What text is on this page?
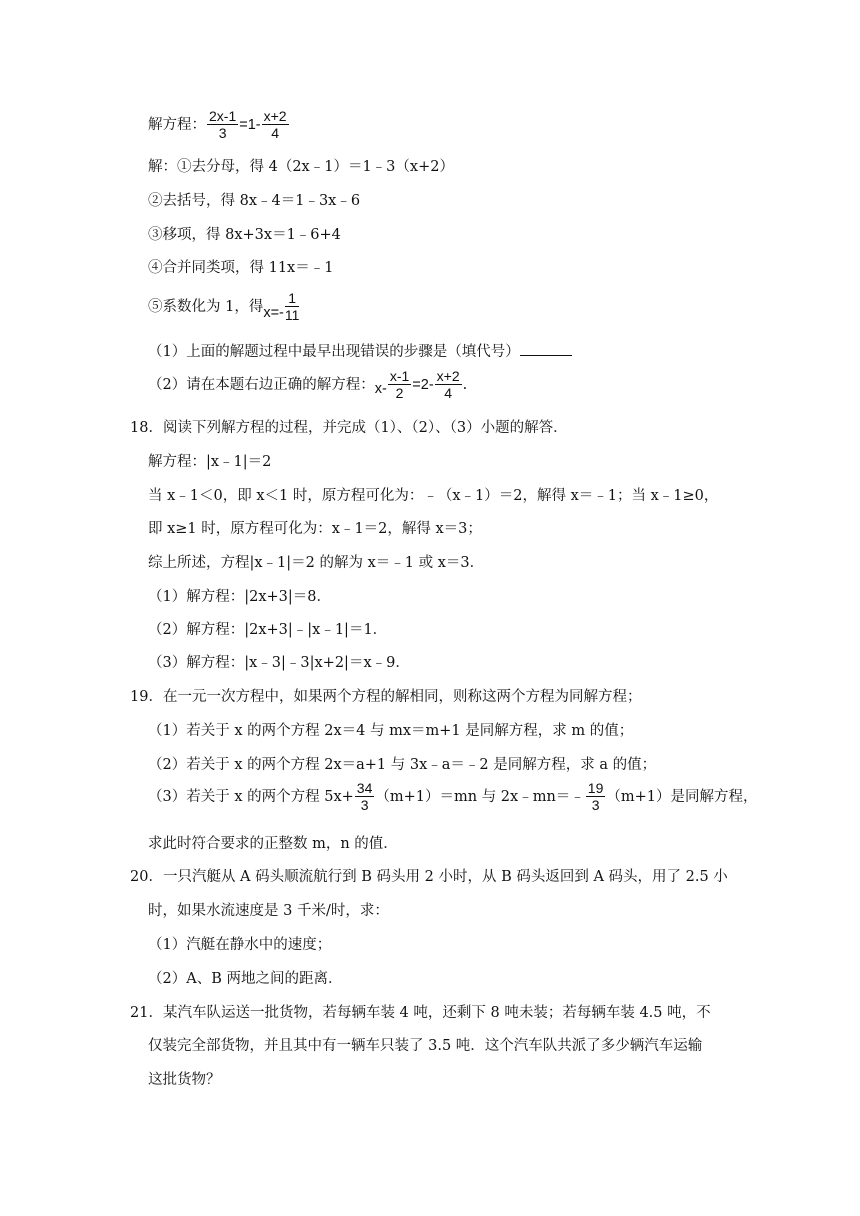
解方程： $\frac{2x-1}{3} =1- \frac{x+2}{4}$
解：①去分母，得 4（2x﹣1）＝1﹣3（x+2）
②去括号，得 8x﹣4＝1﹣3x﹣6
③移项，得 8x+3x＝1﹣6+4
④合并同类项，得 11x＝﹣1
⑤系数化为 1，得$x=- \frac{1}{11}$
（1）上面的解题过程中最早出现错误的步骤是（填代号）
（2）请在本题右边正确的解方程：$x- \frac{x-1}{2} =2- \frac{x+2}{4}$ .
18．阅读下列解方程的过程，并完成（1）、（2）、（3）小题的解答．
解方程：|x﹣1|＝2
当 x﹣1＜0，即 x＜1 时，原方程可化为：﹣（x﹣1）＝2，解得 x＝﹣1；当 x﹣1≥0，
即 x≥1 时，原方程可化为：x﹣1＝2，解得 x＝3；
综上所述，方程|x﹣1|＝2 的解为 x＝﹣1 或 x＝3．
（1）解方程：|2x+3|＝8．
（2）解方程：|2x+3|﹣|x﹣1|＝1．
（3）解方程：|x﹣3|﹣3|x+2|＝x﹣9．
19．在一元一次方程中，如果两个方程的解相同，则称这两个方程为同解方程；
（1）若关于 x 的两个方程 2x＝4 与 mx＝m+1 是同解方程，求 m 的值；
（2）若关于 x 的两个方程 2x＝a+1 与 3x﹣a＝﹣2 是同解方程，求 a 的值；
（3）若关于 x 的两个方程 $5x+ \frac{34}{3} (m+1)=mn$ 与 2x﹣mn＝﹣ $\frac{19}{3} (m+1)$是同解方程，
求此时符合要求的正整数 m，n 的值．
20．一只汽艇从 A 码头顺流航行到 B 码头用 2 小时，从 B 码头返回到 A 码头，用了 2.5 小
时，如果水流速度是 3 千米/时，求：
（1）汽艇在静水中的速度；
（2）A、B 两地之间的距离．
21．某汽车队运送一批货物，若每辆车装 4 吨，还剩下 8 吨未装；若每辆车装 4.5 吨，不
仅装完全部货物，并且其中有一辆车只装了 3.5 吨．这个汽车队共派了多少辆汽车运输
这批货物？
